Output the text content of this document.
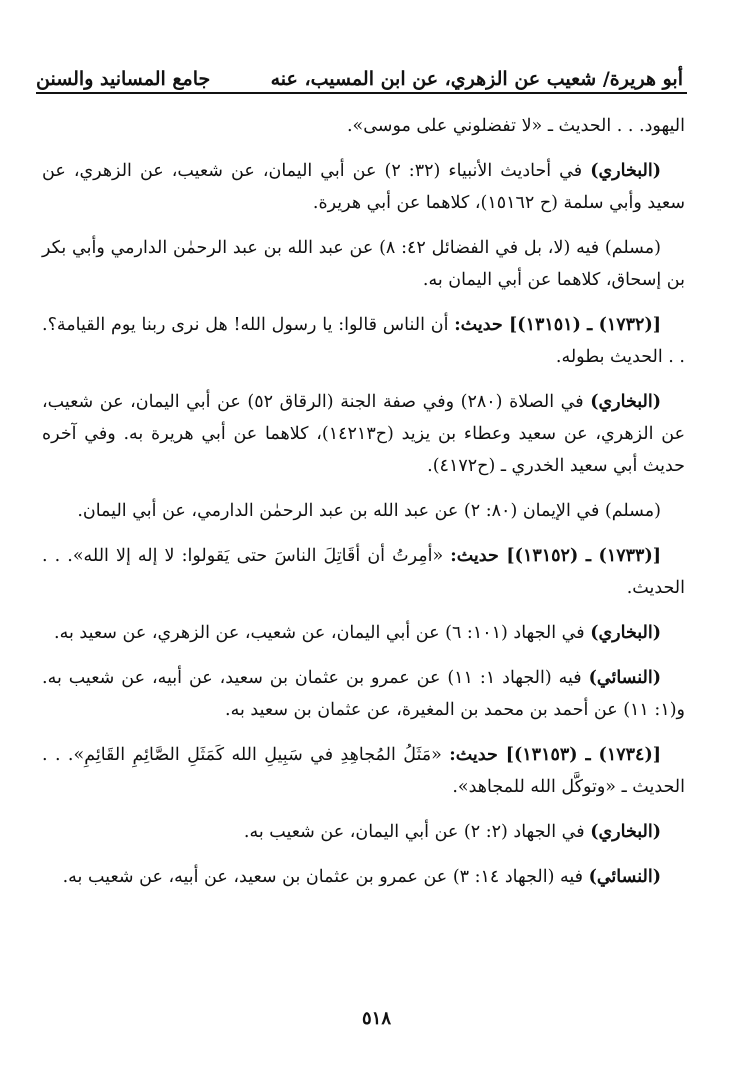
أبو هريرة/ شعيب عن الزهري، عن ابن المسيب، عنه
جامع المسانيد والسنن

اليهود. . . الحديث ـ «لا تفضلوني على موسى».

(البخاري) في أحاديث الأنبياء (٣٢: ٢) عن أبي اليمان، عن شعيب، عن الزهري، عن سعيد وأبي سلمة (ح ١٥١٦٢)، كلاهما عن أبي هريرة.

(مسلم) فيه (لا، بل في الفضائل ٤٢: ٨) عن عبد الله بن عبد الرحمٰن الدارمي وأبي بكر بن إسحاق، كلاهما عن أبي اليمان به.

[(١٧٣٢) ـ (١٣١٥١)] حديث: أن الناس قالوا: يا رسول الله! هل نرى ربنا يوم القيامة؟. . . الحديث بطوله.

(البخاري) في الصلاة (٢٨٠) وفي صفة الجنة (الرقاق ٥٢) عن أبي اليمان، عن شعيب، عن الزهري، عن سعيد وعطاء بن يزيد (ح١٤٢١٣)، كلاهما عن أبي هريرة به. وفي آخره حديث أبي سعيد الخدري ـ (ح٤١٧٢).

(مسلم) في الإيمان (٨٠: ٢) عن عبد الله بن عبد الرحمٰن الدارمي، عن أبي اليمان.

[(١٧٣٣) ـ (١٣١٥٢)] حديث: «أمِرتُ أن أقَاتِلَ الناسَ حتى يَقولوا: لا إله إلا الله». . . الحديث.

(البخاري) في الجهاد (١٠١: ٦) عن أبي اليمان، عن شعيب، عن الزهري، عن سعيد به.

(النسائي) فيه (الجهاد ١: ١١) عن عمرو بن عثمان بن سعيد، عن أبيه، عن شعيب به. و(١: ١١) عن أحمد بن محمد بن المغيرة، عن عثمان بن سعيد به.

[(١٧٣٤) ـ (١٣١٥٣)] حديث: «مَثَلُ المُجاهِدِ في سَبِيلِ الله كَمَثَلِ الصَّائِمِ القَائِمِ». . . الحديث ـ «وتوكَّل الله للمجاهد».

(البخاري) في الجهاد (٢: ٢) عن أبي اليمان، عن شعيب به.

(النسائي) فيه (الجهاد ١٤: ٣) عن عمرو بن عثمان بن سعيد، عن أبيه، عن شعيب به.

٥١٨
